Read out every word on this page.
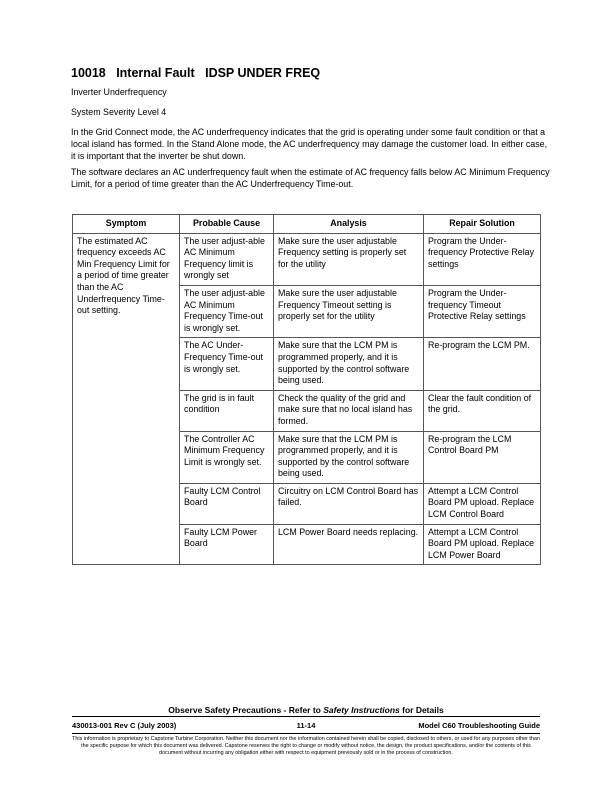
10018 Internal Fault IDSP UNDER FREQ

Inverter Underfrequency

System Severity Level 4

In the Grid Connect mode, the AC underfrequency indicates that the grid is operating under some fault condition or that a local island has formed. In the Stand Alone mode, the AC underfrequency may damage the customer load. In either case, it is important that the inverter be shut down.

The software declares an AC underfrequency fault when the estimate of AC frequency falls below AC Minimum Frequency Limit, for a period of time greater than the AC Underfrequency Time-out.

Symptom	Probable Cause	Analysis	Repair Solution
The estimated AC frequency exceeds AC Min Frequency Limit for a period of time greater than the AC Underfrequency Time-out setting.	The user adjust-able AC Minimum Frequency limit is wrongly set	Make sure the user adjustable Frequency setting is properly set for the utility	Program the Under-frequency Protective Relay settings
	The user adjust-able AC Minimum Frequency Time-out is wrongly set.	Make sure the user adjustable Frequency Timeout setting is properly set for the utility	Program the Under-frequency Timeout Protective Relay settings
	The AC Under-Frequency Time-out is wrongly set.	Make sure that the LCM PM is programmed properly, and it is supported by the control software being used.	Re-program the LCM PM.
	The grid is in fault condition	Check the quality of the grid and make sure that no local island has formed.	Clear the fault condition of the grid.
	The Controller AC Minimum Frequency Limit is wrongly set.	Make sure that the LCM PM is programmed properly, and it is supported by the control software being used.	Re-program the LCM Control Board PM
	Faulty LCM Control Board	Circuitry on LCM Control Board has failed.	Attempt a LCM Control Board PM upload. Replace LCM Control Board
	Faulty LCM Power Board	LCM Power Board needs replacing.	Attempt a LCM Control Board PM upload. Replace LCM Power Board
Observe Safety Precautions - Refer to Safety Instructions for Details
430013-001 Rev C (July 2003)	11-14	Model C60 Troubleshooting Guide
This information is proprietary to Capstone Turbine Corporation. Neither this document nor the information contained herein shall be copied, disclosed to others, or used for any purposes other than the specific purpose for which this document was delivered. Capstone reserves the right to change or modify without notice, the design, the product specifications, and/or the contents of this document without incurring any obligation either with respect to equipment previously sold or in the process of construction.
